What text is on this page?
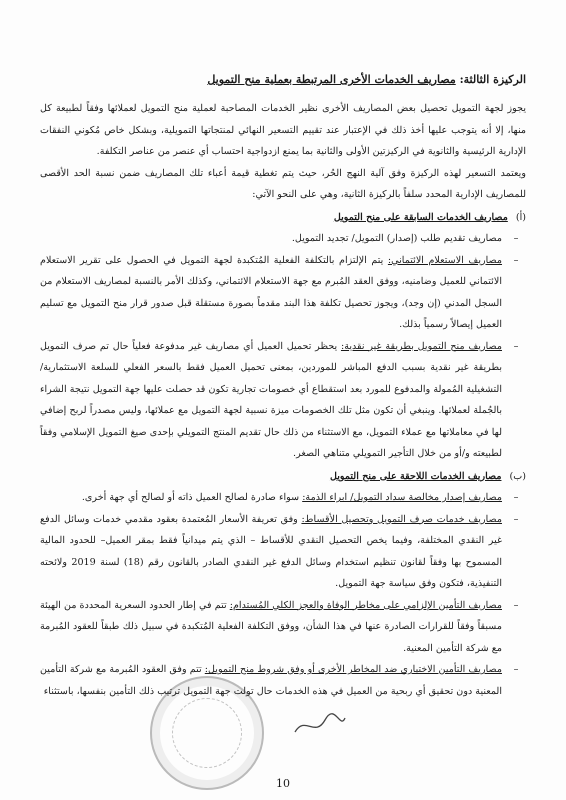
الركيزة الثالثة: مصاريف الخدمات الأخرى المرتبطة بعملية منح التمويل

يجوز لجهة التمويل تحصيل بعض المصاريف الأخرى نظير الخدمات المصاحبة لعملية منح التمويل لعملائها وفقاً لطبيعة كل منها، إلا أنه يتوجب عليها أخذ ذلك في الإعتبار عند تقييم التسعير النهائي لمنتجاتها التمويلية، وبشكل خاص مُكوني النفقات الإدارية الرئيسية والثانوية في الركيزتين الأولى والثانية بما يمنع ازدواجية احتساب أي عنصر من عناصر التكلفة.

ويعتمد التسعير لهذه الركيزة وفق آلية النهج الحُر، حيث يتم تغطية قيمة أعباء تلك المصاريف ضمن نسبة الحد الأقصى للمصاريف الإدارية المحدد سلفاً بالركيزة الثانية، وهي على النحو الآتي:

(أ)
مصاريف الخدمات السابقة على منح التمويل
–
مصاريف تقديم طلب (إصدار) التمويل/ تجديد التمويل.
–
مصاريف الاستعلام الائتماني: يتم الإلتزام بالتكلفة الفعلية المُتكبدة لجهة التمويل في الحصول على تقرير الاستعلام الائتماني للعميل وضامنيه، ووفق العقد المُبرم مع جهة الاستعلام الائتماني، وكذلك الأمر بالنسبة لمصاريف الاستعلام من السجل المدني (إن وجد)، ويجوز تحصيل تكلفة هذا البند مقدماً بصورة مستقلة قبل صدور قرار منح التمويل مع تسليم العميل إيصالاً رسمياً بذلك.
–
مصاريف منح التمويل بطريقة غير نقدية: يحظر تحميل العميل أي مصاريف غير مدفوعة فعلياً حال تم صرف التمويل بطريقة غير نقدية بسبب الدفع المباشر للموردين، بمعنى تحميل العميل فقط بالسعر الفعلي للسلعة الاستثمارية/ التشغيلية المُمولة والمدفوع للمورد بعد استقطاع أي خصومات تجارية تكون قد حصلت عليها جهة التمويل نتيجة الشراء بالجُملة لعملائها. وينبغي أن تكون مثل تلك الخصومات ميزة نسبية لجهة التمويل مع عملائها، وليس مصدراً لربح إضافي لها في معاملاتها مع عملاء التمويل، مع الاستثناء من ذلك حال تقديم المنتج التمويلي بإحدى صيغ التمويل الإسلامي وفقاً لطبيعته و/أو من خلال التأجير التمويلي متناهي الصغر.
(ب)
مصاريف الخدمات اللاحقة على منح التمويل
–
مصاريف إصدار مخالصة سداد التمويل/ ابراء الذمة: سواء صادرة لصالح العميل ذاته أو لصالح أي جهة أخرى.
–
مصاريف خدمات صرف التمويل وتحصيل الأقساط: وفق تعريفة الأسعار المُعتمدة بعقود مقدمي خدمات وسائل الدفع غير النقدي المختلفة، وفيما يخص التحصيل النقدي للأقساط – الذي يتم ميدانياً فقط بمقر العميل– للحدود المالية المسموح بها وفقاً لقانون تنظيم استخدام وسائل الدفع غير النقدي الصادر بالقانون رقم (18) لسنة 2019 ولائحته التنفيذية، فتكون وفق سياسة جهة التمويل.
–
مصاريف التأمين الإلزامي على مخاطر الوفاة والعجز الكلي المُستدام: تتم في إطار الحدود السعرية المحددة من الهيئة مسبقاً وفقاً للقرارات الصادرة عنها في هذا الشأن، ووفق التكلفة الفعلية المُتكبدة في سبيل ذلك طبقاً للعقود المُبرمة مع شركة التأمين المعنية.
–
مصاريف التأمين الاختياري ضد المخاطر الأخرى أو وفق شروط منح التمويل: تتم وفق العقود المُبرمة مع شركة التأمين المعنية دون تحقيق أي ربحية من العميل في هذه الخدمات حال تولت جهة التمويل ترتيب ذلك التأمين بنفسها، باستثناء
10
